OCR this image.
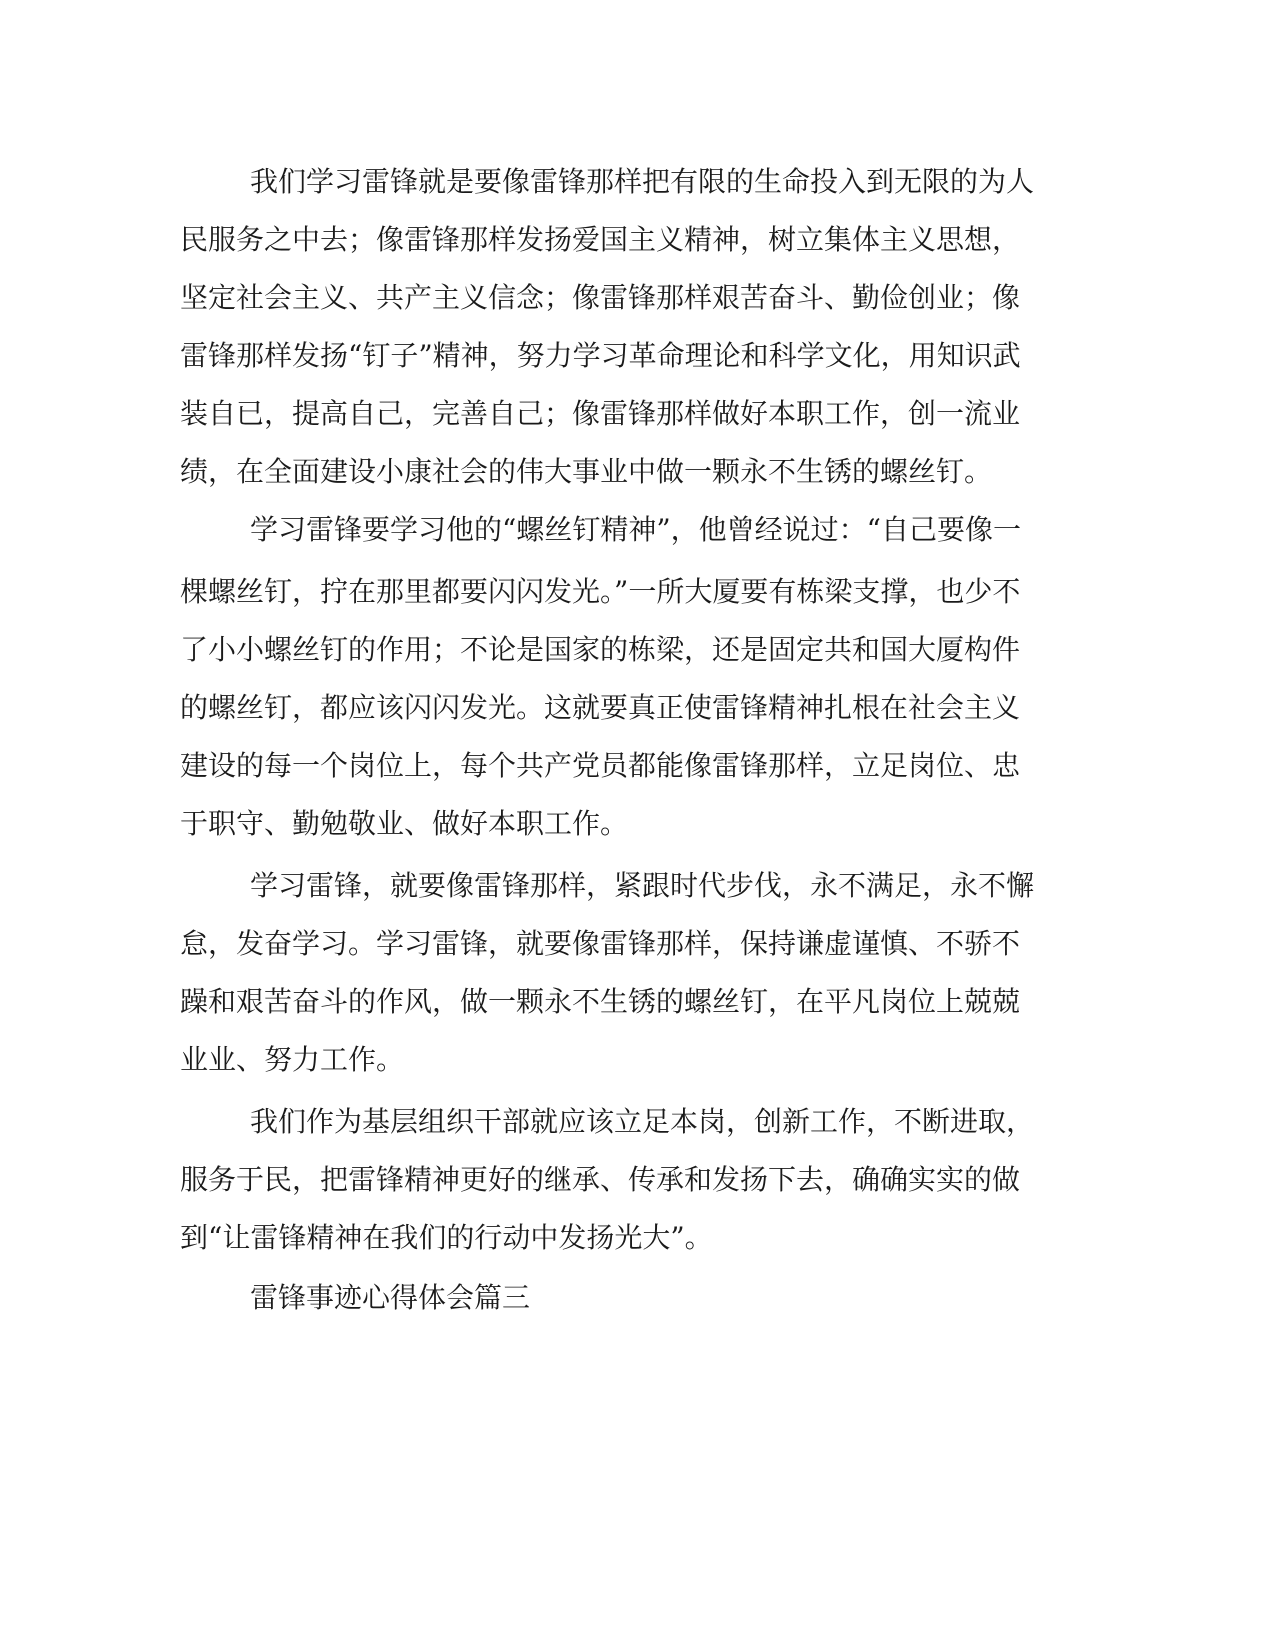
我们学习雷锋就是要像雷锋那样把有限的生命投入到无限的为人

民服务之中去；像雷锋那样发扬爱国主义精神，树立集体主义思想，

坚定社会主义、共产主义信念；像雷锋那样艰苦奋斗、勤俭创业；像

雷锋那样发扬“钉子”精神，努力学习革命理论和科学文化，用知识武

装自已，提高自己，完善自己；像雷锋那样做好本职工作，创一流业

绩，在全面建设小康社会的伟大事业中做一颗永不生锈的螺丝钉。

学习雷锋要学习他的“螺丝钉精神”，他曾经说过：“自己要像一

棵螺丝钉，拧在那里都要闪闪发光。”一所大厦要有栋梁支撑，也少不

了小小螺丝钉的作用；不论是国家的栋梁，还是固定共和国大厦构件

的螺丝钉，都应该闪闪发光。这就要真正使雷锋精神扎根在社会主义

建设的每一个岗位上，每个共产党员都能像雷锋那样，立足岗位、忠

于职守、勤勉敬业、做好本职工作。

学习雷锋，就要像雷锋那样，紧跟时代步伐，永不满足，永不懈

怠，发奋学习。学习雷锋，就要像雷锋那样，保持谦虚谨慎、不骄不

躁和艰苦奋斗的作风，做一颗永不生锈的螺丝钉，在平凡岗位上兢兢

业业、努力工作。

我们作为基层组织干部就应该立足本岗，创新工作，不断进取，

服务于民，把雷锋精神更好的继承、传承和发扬下去，确确实实的做

到“让雷锋精神在我们的行动中发扬光大”。

雷锋事迹心得体会篇三
